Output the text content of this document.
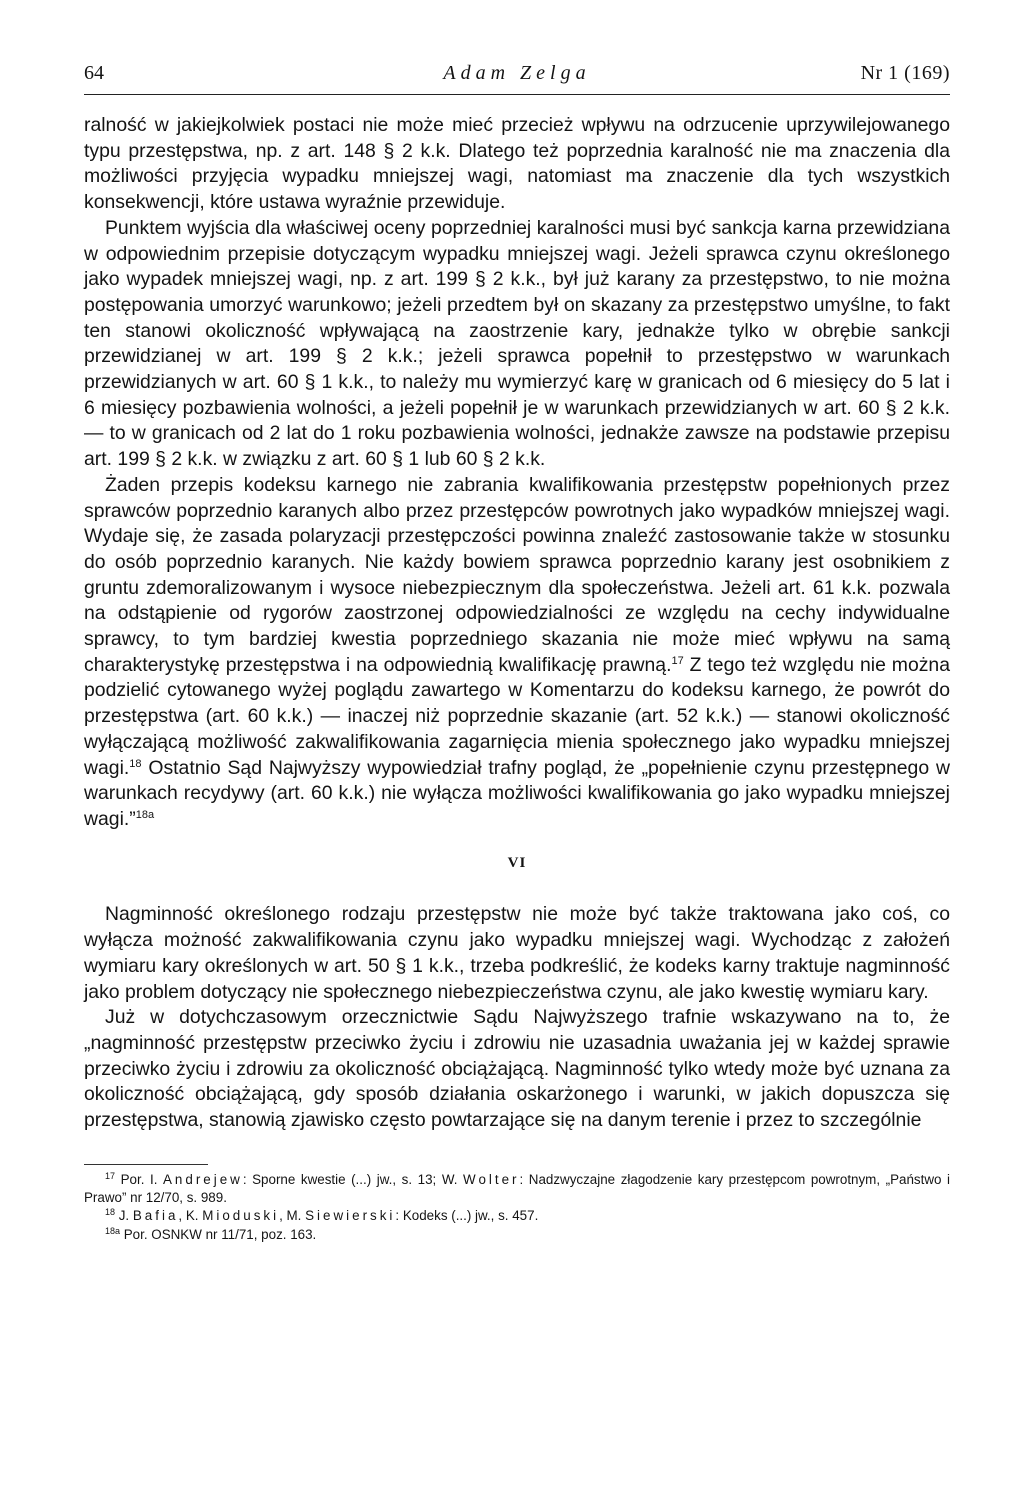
64	Adam Zelga	Nr 1 (169)

ralność w jakiejkolwiek postaci nie może mieć przecież wpływu na odrzucenie uprzywilejowanego typu przestępstwa, np. z art. 148 § 2 k.k. Dlatego też poprzednia karalność nie ma znaczenia dla możliwości przyjęcia wypadku mniejszej wagi, natomiast ma znaczenie dla tych wszystkich konsekwencji, które ustawa wyraźnie przewiduje.

Punktem wyjścia dla właściwej oceny poprzedniej karalności musi być sankcja karna przewidziana w odpowiednim przepisie dotyczącym wypadku mniejszej wagi. Jeżeli sprawca czynu określonego jako wypadek mniejszej wagi, np. z art. 199 § 2 k.k., był już karany za przestępstwo, to nie można postępowania umorzyć warunkowo; jeżeli przedtem był on skazany za przestępstwo umyślne, to fakt ten stanowi okoliczność wpływającą na zaostrzenie kary, jednakże tylko w obrębie sankcji przewidzianej w art. 199 § 2 k.k.; jeżeli sprawca popełnił to przestępstwo w warunkach przewidzianych w art. 60 § 1 k.k., to należy mu wymierzyć karę w granicach od 6 miesięcy do 5 lat i 6 miesięcy pozbawienia wolności, a jeżeli popełnił je w warunkach przewidzianych w art. 60 § 2 k.k. — to w granicach od 2 lat do 1 roku pozbawienia wolności, jednakże zawsze na podstawie przepisu art. 199 § 2 k.k. w związku z art. 60 § 1 lub 60 § 2 k.k.

Żaden przepis kodeksu karnego nie zabrania kwalifikowania przestępstw popełnionych przez sprawców poprzednio karanych albo przez przestępców powrotnych jako wypadków mniejszej wagi. Wydaje się, że zasada polaryzacji przestępczości powinna znaleźć zastosowanie także w stosunku do osób poprzednio karanych. Nie każdy bowiem sprawca poprzednio karany jest osobnikiem z gruntu zdemoralizowanym i wysoce niebezpiecznym dla społeczeństwa. Jeżeli art. 61 k.k. pozwala na odstąpienie od rygorów zaostrzonej odpowiedzialności ze względu na cechy indywidualne sprawcy, to tym bardziej kwestia poprzedniego skazania nie może mieć wpływu na samą charakterystykę przestępstwa i na odpowiednią kwalifikację prawną.$^{17}$ Z tego też względu nie można podzielić cytowanego wyżej poglądu zawartego w Komentarzu do kodeksu karnego, że powrót do przestępstwa (art. 60 k.k.) — inaczej niż poprzednie skazanie (art. 52 k.k.) — stanowi okoliczność wyłączającą możliwość zakwalifikowania zagarnięcia mienia społecznego jako wypadku mniejszej wagi.$^{18}$ Ostatnio Sąd Najwyższy wypowiedział trafny pogląd, że „popełnienie czynu przestępnego w warunkach recydywy (art. 60 k.k.) nie wyłącza możliwości kwalifikowania go jako wypadku mniejszej wagi.”$^{18a}$

VI

Nagminność określonego rodzaju przestępstw nie może być także traktowana jako coś, co wyłącza możność zakwalifikowania czynu jako wypadku mniejszej wagi. Wychodząc z założeń wymiaru kary określonych w art. 50 § 1 k.k., trzeba podkreślić, że kodeks karny traktuje nagminność jako problem dotyczący nie społecznego niebezpieczeństwa czynu, ale jako kwestię wymiaru kary.

Już w dotychczasowym orzecznictwie Sądu Najwyższego trafnie wskazywano na to, że „nagminność przestępstw przeciwko życiu i zdrowiu nie uzasadnia uważania jej w każdej sprawie przeciwko życiu i zdrowiu za okoliczność obciążającą. Nagminność tylko wtedy może być uznana za okoliczność obciążającą, gdy sposób działania oskarżonego i warunki, w jakich dopuszcza się przestępstwa, stanowią zjawisko często powtarzające się na danym terenie i przez to szczególnie

$^{17}$ Por. I. Andrejew: Sporne kwestie (...) jw., s. 13; W. Wolter: Nadzwyczajne złagodzenie kary przestępcom powrotnym, „Państwo i Prawo” nr 12/70, s. 989.

$^{18}$ J. Bafia, K. Mioduski, M. Siewierski: Kodeks (...) jw., s. 457.

$^{18a}$ Por. OSNKW nr 11/71, poz. 163.
